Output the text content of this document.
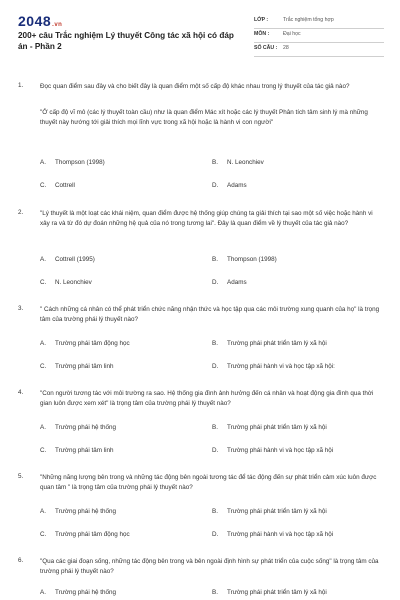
2048.vn
200+ câu Trắc nghiệm Lý thuyết Công tác xã hội có đáp án - Phần 2
LỚP :	Trắc nghiệm tổng hợp
MÔN :	Đại học
SỐ CÂU : 28
1.	Đọc quan điểm sau đây và cho biết đây là quan điểm một số cấp độ khác nhau trong lý thuyết của tác giả nào?
"Ở cấp độ vĩ mô (các lý thuyết toàn cầu) như là quan điểm Mác xít hoặc các lý thuyết Phân tích tâm sinh lý mà những thuyết này hướng tới giải thích mọi lĩnh vực trong xã hội hoặc là hành vi con người"
A. Thompson (1998)	B. N. Leonchiev
C. Cottrell	D. Adams
2.	"Lý thuyết là một loạt các khái niệm, quan điểm được hệ thống giúp chúng ta giải thích tại sao một số việc hoặc hành vi xảy ra và từ đó dự đoán những hệ quả của nó trong tương lai". Đây là quan điểm về lý thuyết của tác giả nào?
A. Cottrell (1995)	B. Thompson (1998)
C. N. Leonchiev	D. Adams
3.	" Cách những cá nhân có thể phát triển chức năng nhận thức và học tập qua các môi trường xung quanh của họ" là trọng tâm của trường phái lý thuyết nào?
A. Trường phái tâm động học	B. Trường phái phát triển tâm lý xã hội
C. Trường phái tâm linh	D. Trường phái hành vi và học tập xã hội:
4.	"Con người tương tác với môi trường ra sao. Hệ thống gia đình ảnh hưởng đến cá nhân và hoạt động gia đình qua thời gian luôn được xem xét" là trọng tâm của trường phái lý thuyết nào?
A. Trường phái hệ thống	B. Trường phái phát triển tâm lý xã hội
C. Trường phái tâm linh	D. Trường phái hành vi và học tập xã hội
5.	"Những năng lượng bên trong và những tác động bên ngoài tương tác để tác động đến sự phát triển cảm xúc luôn được quan tâm " là trọng tâm của trường phái lý thuyết nào?
A. Trường phái hệ thống	B. Trường phái phát triển tâm lý xã hội
C. Trường phái tâm động học	D. Trường phái hành vi và học tập xã hội
6.	"Qua các giai đoạn sống, những tác động bên trong và bên ngoài định hình sự phát triển của cuộc sống" là trọng tâm của trường phái lý thuyết nào?
A. Trường phái hệ thống	B. Trường phái phát triển tâm lý xã hội
